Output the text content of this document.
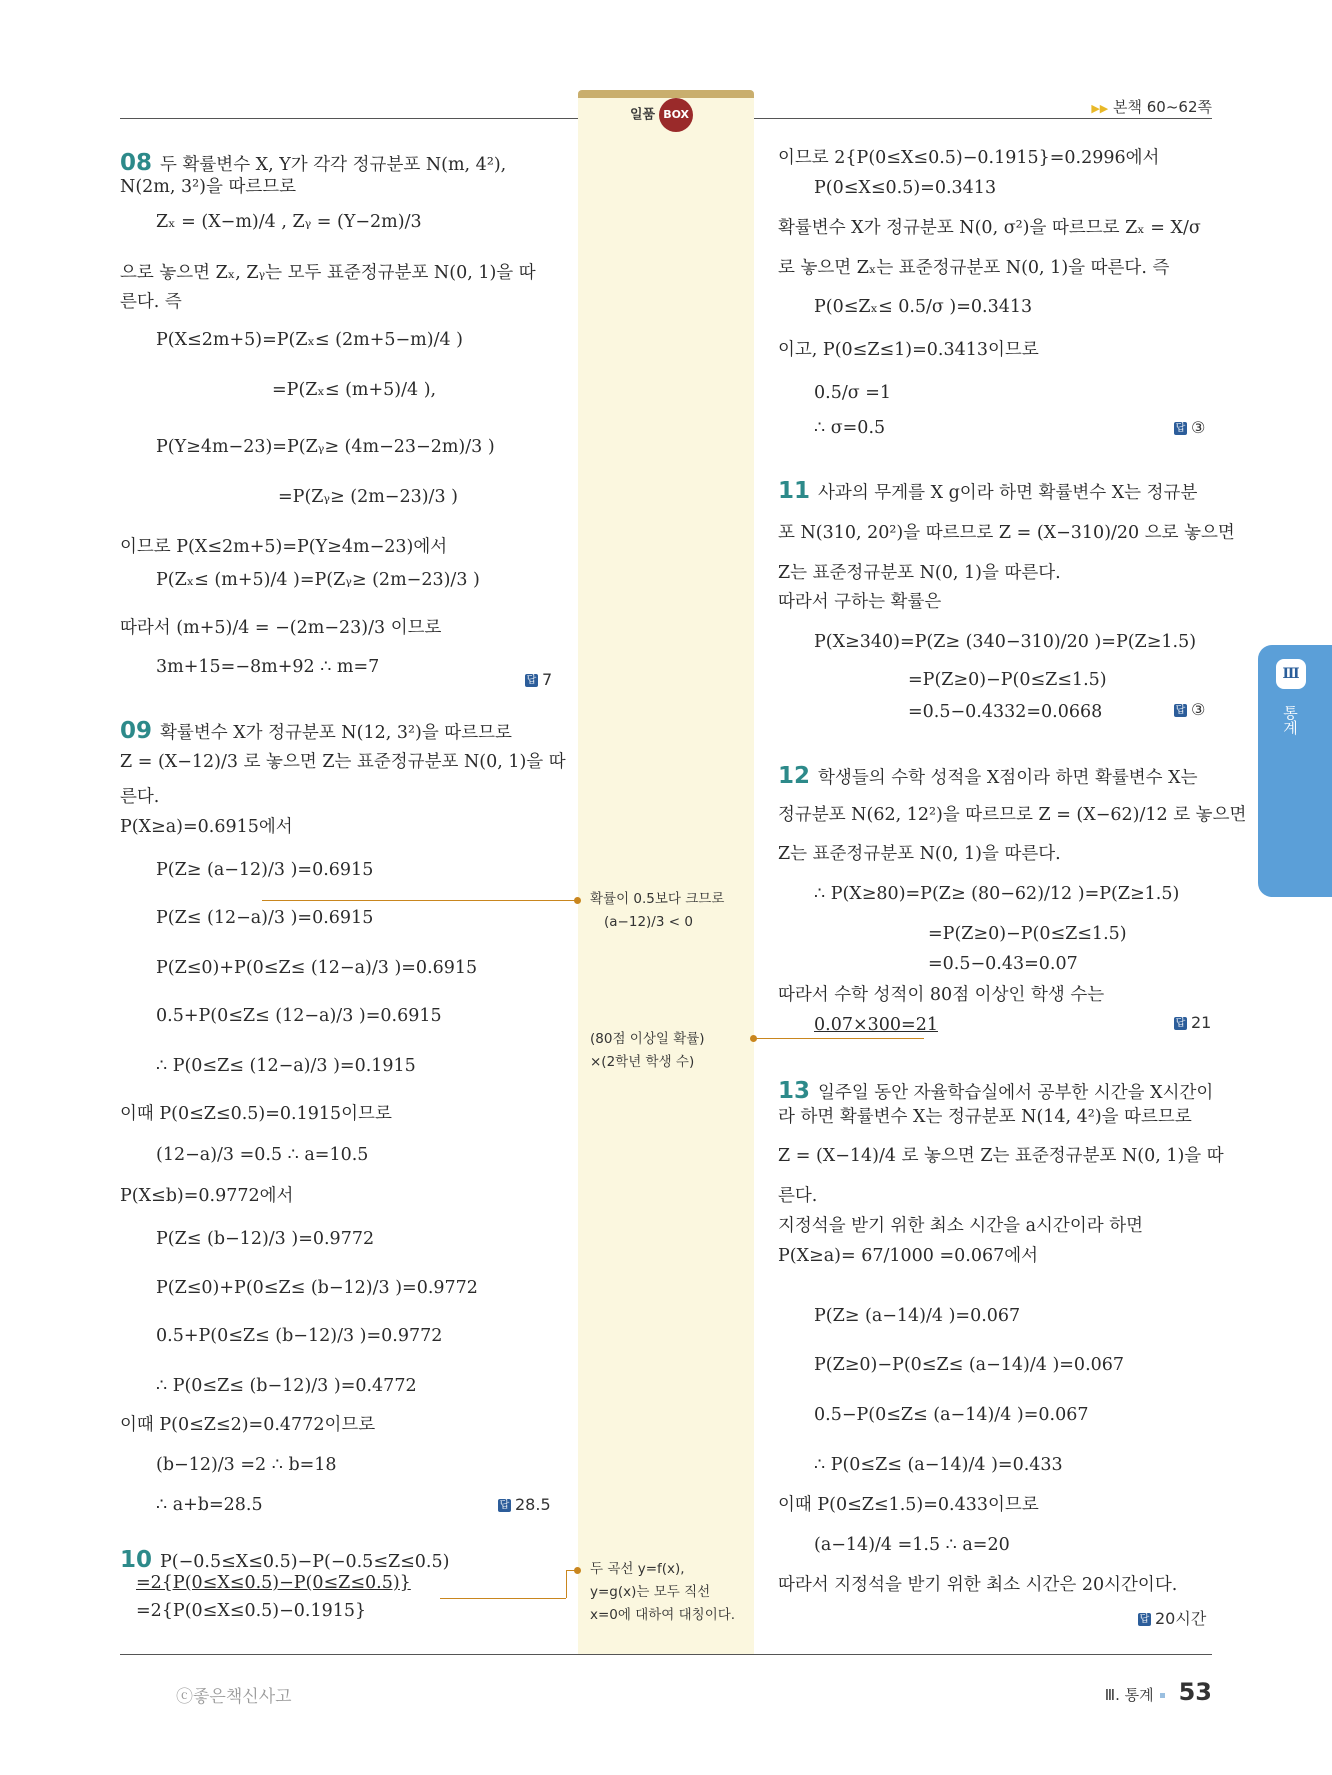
일품 BOX	▶▶ 본책 60~62쪽
08 두 확률변수 X, Y가 각각 정규분포 N(m, 4²),
N(2m, 3²)을 따르므로
Zₓ = (X−m)/4 , Zᵧ = (Y−2m)/3
으로 놓으면 Zₓ, Zᵧ는 모두 표준정규분포 N(0, 1)을 따
른다. 즉
P(X≤2m+5)=P(Zₓ≤ (2m+5−m)/4 )
=P(Zₓ≤ (m+5)/4 ),
P(Y≥4m−23)=P(Zᵧ≥ (4m−23−2m)/3 )
=P(Zᵧ≥ (2m−23)/3 )
이므로 P(X≤2m+5)=P(Y≥4m−23)에서
P(Zₓ≤ (m+5)/4 )=P(Zᵧ≥ (2m−23)/3 )
따라서 (m+5)/4 = −(2m−23)/3 이므로
3m+15=−8m+92 ∴ m=7
09 확률변수 X가 정규분포 N(12, 3²)을 따르므로
Z = (X−12)/3 로 놓으면 Z는 표준정규분포 N(0, 1)을 따
른다.
P(X≥a)=0.6915에서
P(Z≥ (a−12)/3 )=0.6915
P(Z≤ (12−a)/3 )=0.6915
P(Z≤0)+P(0≤Z≤ (12−a)/3 )=0.6915
0.5+P(0≤Z≤ (12−a)/3 )=0.6915
∴ P(0≤Z≤ (12−a)/3 )=0.1915
이때 P(0≤Z≤0.5)=0.1915이므로
(12−a)/3 =0.5 ∴ a=10.5
P(X≤b)=0.9772에서
P(Z≤ (b−12)/3 )=0.9772
P(Z≤0)+P(0≤Z≤ (b−12)/3 )=0.9772
0.5+P(0≤Z≤ (b−12)/3 )=0.9772
∴ P(0≤Z≤ (b−12)/3 )=0.4772
이때 P(0≤Z≤2)=0.4772이므로
(b−12)/3 =2 ∴ b=18
∴ a+b=28.5
10 P(−0.5≤X≤0.5)−P(−0.5≤Z≤0.5)
=2{P(0≤X≤0.5)−P(0≤Z≤0.5)}
=2{P(0≤X≤0.5)−0.1915}
이므로 2{P(0≤X≤0.5)−0.1915}=0.2996에서
P(0≤X≤0.5)=0.3413
확률변수 X가 정규분포 N(0, σ²)을 따르므로 Zₓ = X/σ
로 놓으면 Zₓ는 표준정규분포 N(0, 1)을 따른다. 즉
P(0≤Zₓ≤ 0.5/σ )=0.3413
이고, P(0≤Z≤1)=0.3413이므로
0.5/σ =1
∴ σ=0.5
11 사과의 무게를 X g이라 하면 확률변수 X는 정규분
포 N(310, 20²)을 따르므로 Z = (X−310)/20 으로 놓으면
Z는 표준정규분포 N(0, 1)을 따른다.
따라서 구하는 확률은
P(X≥340)=P(Z≥ (340−310)/20 )=P(Z≥1.5)
=P(Z≥0)−P(0≤Z≤1.5)
=0.5−0.4332=0.0668
12 학생들의 수학 성적을 X점이라 하면 확률변수 X는
정규분포 N(62, 12²)을 따르므로 Z = (X−62)/12 로 놓으면
Z는 표준정규분포 N(0, 1)을 따른다.
∴ P(X≥80)=P(Z≥ (80−62)/12 )=P(Z≥1.5)
=P(Z≥0)−P(0≤Z≤1.5)
=0.5−0.43=0.07
따라서 수학 성적이 80점 이상인 학생 수는
0.07×300=21
13 일주일 동안 자율학습실에서 공부한 시간을 X시간이
라 하면 확률변수 X는 정규분포 N(14, 4²)을 따르므로
Z = (X−14)/4 로 놓으면 Z는 표준정규분포 N(0, 1)을 따
른다.
지정석을 받기 위한 최소 시간을 a시간이라 하면
P(X≥a)= 67/1000 =0.067에서
P(Z≥ (a−14)/4 )=0.067
P(Z≥0)−P(0≤Z≤ (a−14)/4 )=0.067
0.5−P(0≤Z≤ (a−14)/4 )=0.067
∴ P(0≤Z≤ (a−14)/4 )=0.433
이때 P(0≤Z≤1.5)=0.433이므로
(a−14)/4 =1.5 ∴ a=20
따라서 지정석을 받기 위한 최소 시간은 20시간이다.
답 7
답 28.5
답 ③
답 ③
답 21
답 20시간
확률이 0.5보다 크므로
(a−12)/3 < 0
(80점 이상일 확률)
×(2학년 학생 수)
두 곡선 y=f(x),
y=g(x)는 모두 직선
x=0에 대하여 대칭이다.
Ⅲ
통계
ⓒ좋은책신사고	Ⅲ. 통계 53
